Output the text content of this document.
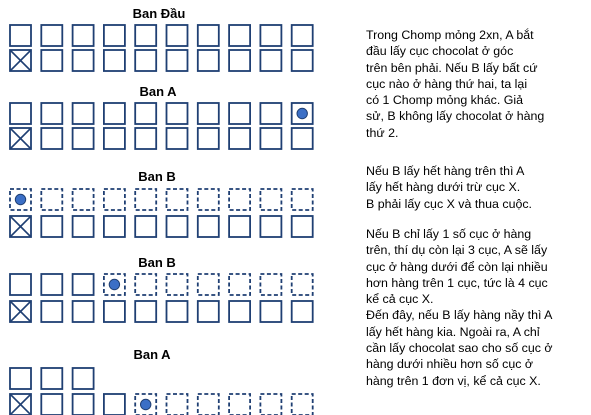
Ban Đầu
Ban A
Ban B
Ban B
Ban A
Trong Chomp mỏng 2xn, A bắt
đầu lấy cục chocolat ở góc
trên bên phải. Nếu B lấy bất cứ
cục nào ở hàng thứ hai, ta lại
có 1 Chomp mỏng khác. Giả
sử, B không lấy chocolat ở hàng
thứ 2.
Nếu B lấy hết hàng trên thì A
lấy hết hàng dưới trừ cục X.
B phải lấy cục X và thua cuộc.
Nếu B chỉ lấy 1 số cục ở hàng
trên, thí dụ còn lại 3 cục, A sẽ lấy
cục ở hàng dưới để còn lại nhiều
hơn hàng trên 1 cục, tức là 4 cục
kể cả cục X.
Đến đây, nếu B lấy hàng nầy thì A
lấy hết hàng kia. Ngoài ra, A chỉ
cần lấy chocolat sao cho số cục ở
hàng dưới nhiều hơn số cục ở
hàng trên 1 đơn vị, kể cả cục X.
